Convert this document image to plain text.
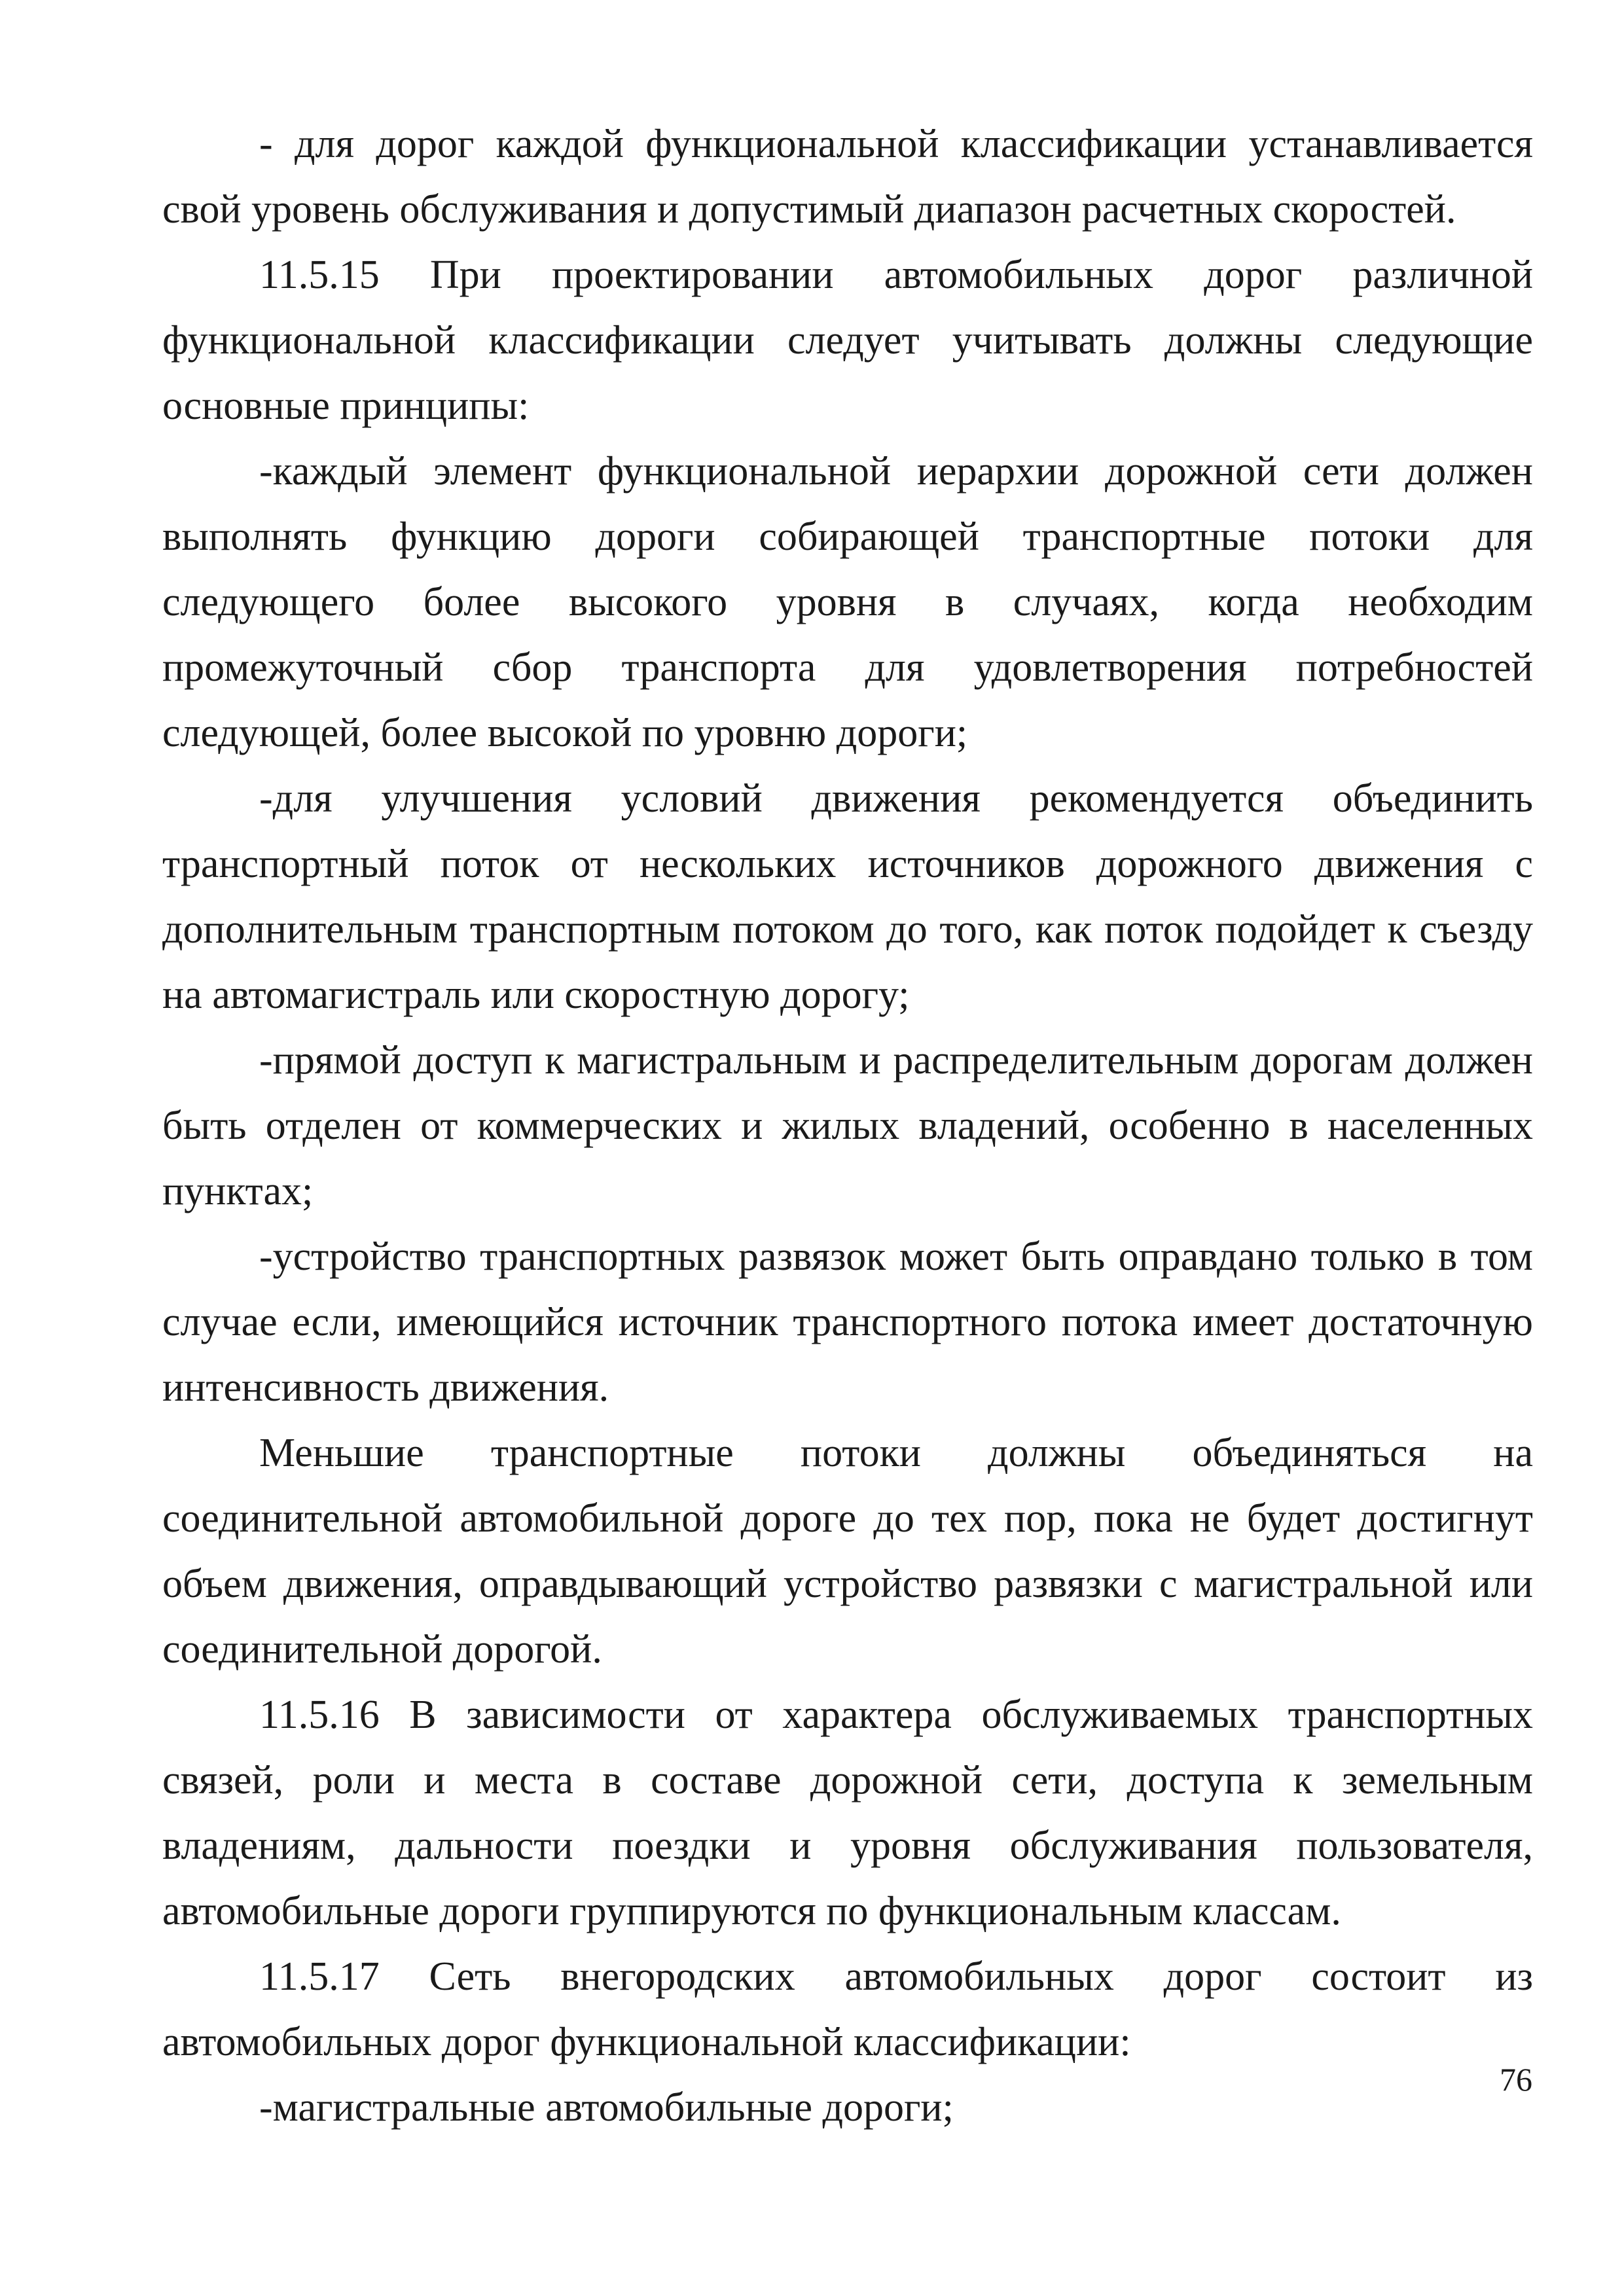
- для дорог каждой функциональной классификации устанавливается свой уровень обслуживания и допустимый диапазон расчетных скоростей.

11.5.15 При проектировании автомобильных дорог различной функциональной классификации следует учитывать должны следующие основные принципы:

-каждый элемент функциональной иерархии дорожной сети должен выполнять функцию дороги собирающей транспортные потоки для следующего более высокого уровня в случаях, когда необходим промежуточный сбор транспорта для удовлетворения потребностей следующей, более высокой по уровню дороги;

-для улучшения условий движения рекомендуется объединить транспортный поток от нескольких источников дорожного движения с дополнительным транспортным потоком до того, как поток подойдет к съезду на автомагистраль или скоростную дорогу;

-прямой доступ к магистральным и распределительным дорогам должен быть отделен от коммерческих и жилых владений, особенно в населенных пунктах;

-устройство транспортных развязок может быть оправдано только в том случае если, имеющийся источник транспортного потока имеет достаточную интенсивность движения.

Меньшие транспортные потоки должны объединяться на соединительной автомобильной дороге до тех пор, пока не будет достигнут объем движения, оправдывающий устройство развязки с магистральной или соединительной дорогой.

11.5.16 В зависимости от характера обслуживаемых транспортных связей, роли и места в составе дорожной сети, доступа к земельным владениям, дальности поездки и уровня обслуживания пользователя, автомобильные дороги группируются по функциональным классам.

11.5.17 Сеть внегородских автомобильных дорог состоит из автомобильных дорог функциональной классификации:

-магистральные автомобильные дороги;

76
